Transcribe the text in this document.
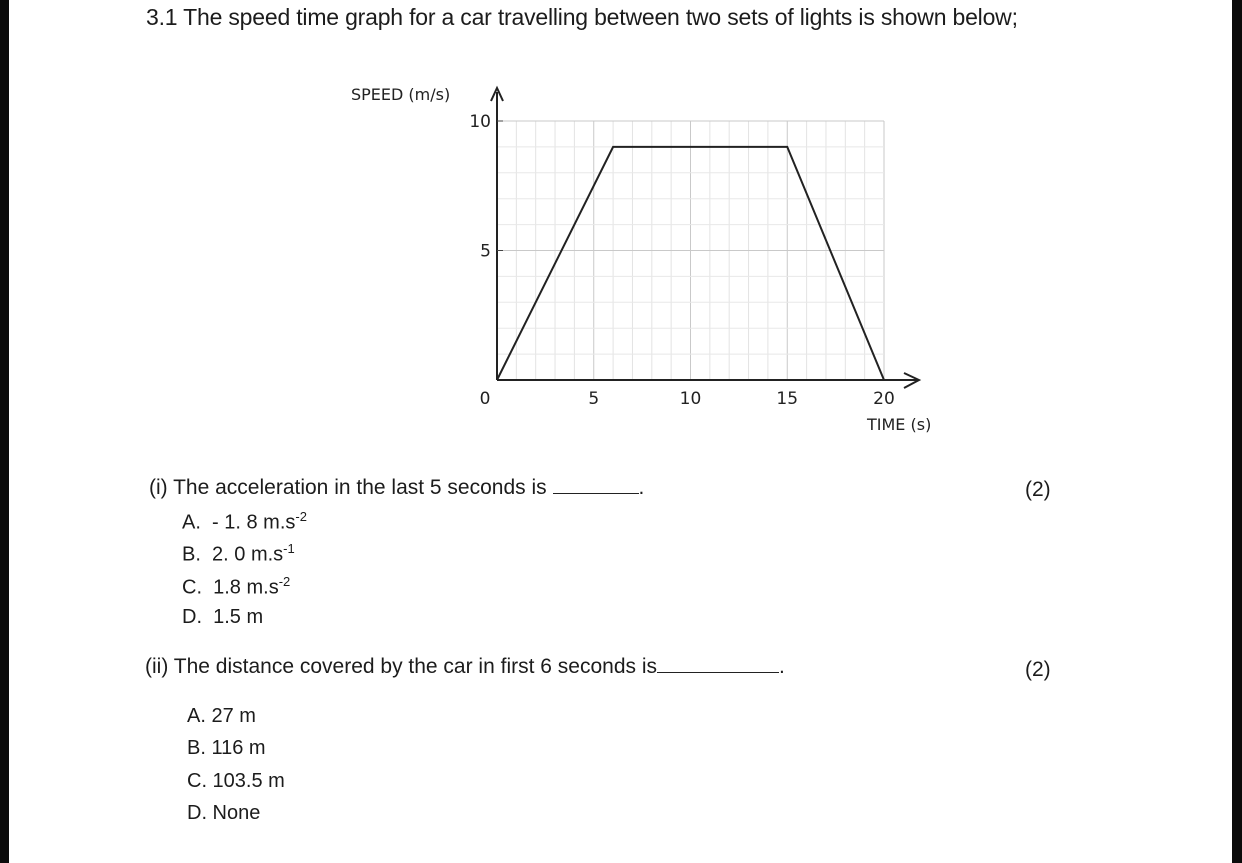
3.1 The speed time graph for a car travelling between two sets of lights is shown below;
0	5	10	15	20
5
10
SPEED (m/s)
TIME (s)
(i) The acceleration in the last 5 seconds is	.	(2)
A. - 1. 8 $m.s^{-2}$
B. 2. 0 $m.s^{-1}$
C. 1.8 $m.s^{-2}$
D. 1.5 m
(ii) The distance covered by the car in first 6 seconds is	.	(2)
A. 27 m
B. 116 m
C. 103.5 m
D. None
